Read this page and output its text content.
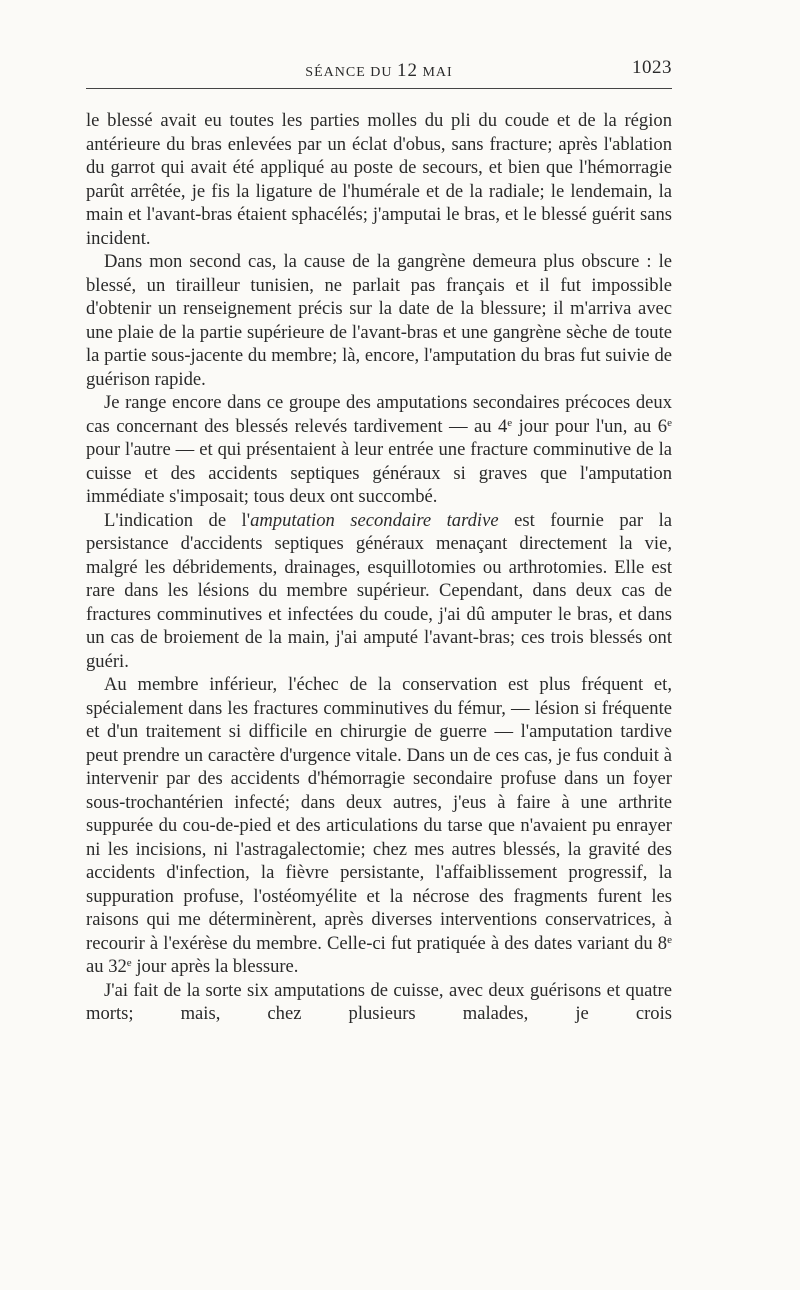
SÉANCE DU 12 MAI	1023

le blessé avait eu toutes les parties molles du pli du coude et de la région antérieure du bras enlevées par un éclat d'obus, sans fracture; après l'ablation du garrot qui avait été appliqué au poste de secours, et bien que l'hémorragie parût arrêtée, je fis la ligature de l'humérale et de la radiale; le lendemain, la main et l'avant-bras étaient sphacélés; j'amputai le bras, et le blessé guérit sans incident.

Dans mon second cas, la cause de la gangrène demeura plus obscure : le blessé, un tirailleur tunisien, ne parlait pas français et il fut impossible d'obtenir un renseignement précis sur la date de la blessure; il m'arriva avec une plaie de la partie supérieure de l'avant-bras et une gangrène sèche de toute la partie sous-jacente du membre; là, encore, l'amputation du bras fut suivie de guérison rapide.

Je range encore dans ce groupe des amputations secondaires précoces deux cas concernant des blessés relevés tardivement — au 4e jour pour l'un, au 6e pour l'autre — et qui présentaient à leur entrée une fracture comminutive de la cuisse et des accidents septiques généraux si graves que l'amputation immédiate s'imposait; tous deux ont succombé.

L'indication de l'amputation secondaire tardive est fournie par la persistance d'accidents septiques généraux menaçant directement la vie, malgré les débridements, drainages, esquillotomies ou arthrotomies. Elle est rare dans les lésions du membre supérieur. Cependant, dans deux cas de fractures comminutives et infectées du coude, j'ai dû amputer le bras, et dans un cas de broiement de la main, j'ai amputé l'avant-bras; ces trois blessés ont guéri.

Au membre inférieur, l'échec de la conservation est plus fréquent et, spécialement dans les fractures comminutives du fémur, — lésion si fréquente et d'un traitement si difficile en chirurgie de guerre — l'amputation tardive peut prendre un caractère d'urgence vitale. Dans un de ces cas, je fus conduit à intervenir par des accidents d'hémorragie secondaire profuse dans un foyer sous-trochantérien infecté; dans deux autres, j'eus à faire à une arthrite suppurée du cou-de-pied et des articulations du tarse que n'avaient pu enrayer ni les incisions, ni l'astragalectomie; chez mes autres blessés, la gravité des accidents d'infection, la fièvre persistante, l'affaiblissement progressif, la suppuration profuse, l'ostéomyélite et la nécrose des fragments furent les raisons qui me déterminèrent, après diverses interventions conservatrices, à recourir à l'exérèse du membre. Celle-ci fut pratiquée à des dates variant du 8e au 32e jour après la blessure.

J'ai fait de la sorte six amputations de cuisse, avec deux guérisons et quatre morts; mais, chez plusieurs malades, je crois
